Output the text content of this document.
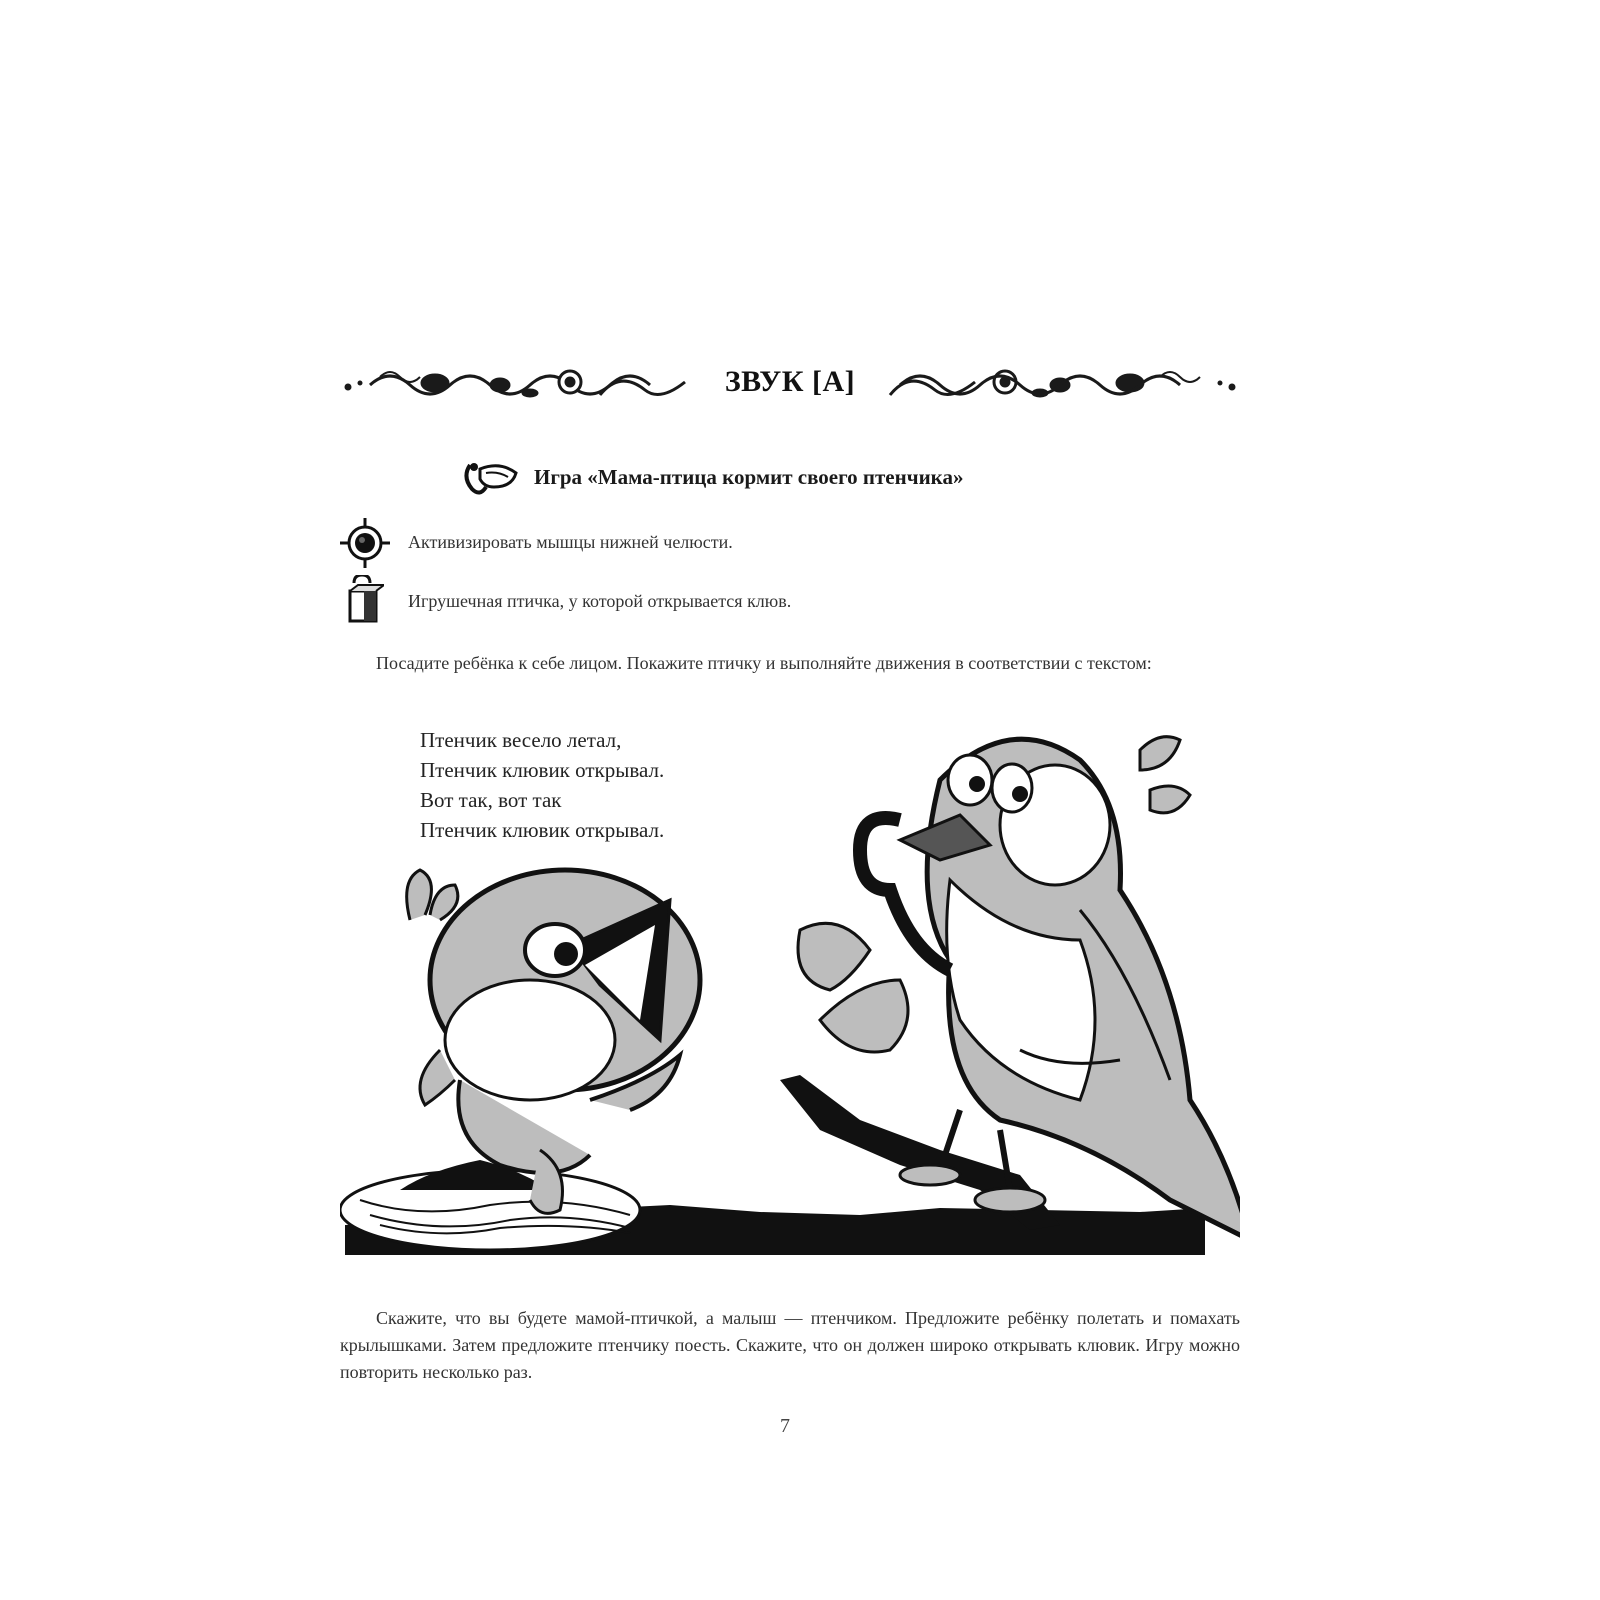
ЗВУК [А]
Игра «Мама-птица кормит своего птенчика»
Активизировать мышцы нижней челюсти.
Игрушечная птичка, у которой открывается клюв.
Посадите ребёнка к себе лицом. Покажите птичку и выполняйте движения в соответствии с текстом:
Птенчик весело летал,
Птенчик клювик открывал.
Вот так, вот так
Птенчик клювик открывал.
Скажите, что вы будете мамой-птичкой, а малыш — птенчиком. Предложите ребёнку полетать и помахать крылышками. Затем предложите птенчику поесть. Скажите, что он должен широко открывать клювик. Игру можно повторить несколько раз.
7
